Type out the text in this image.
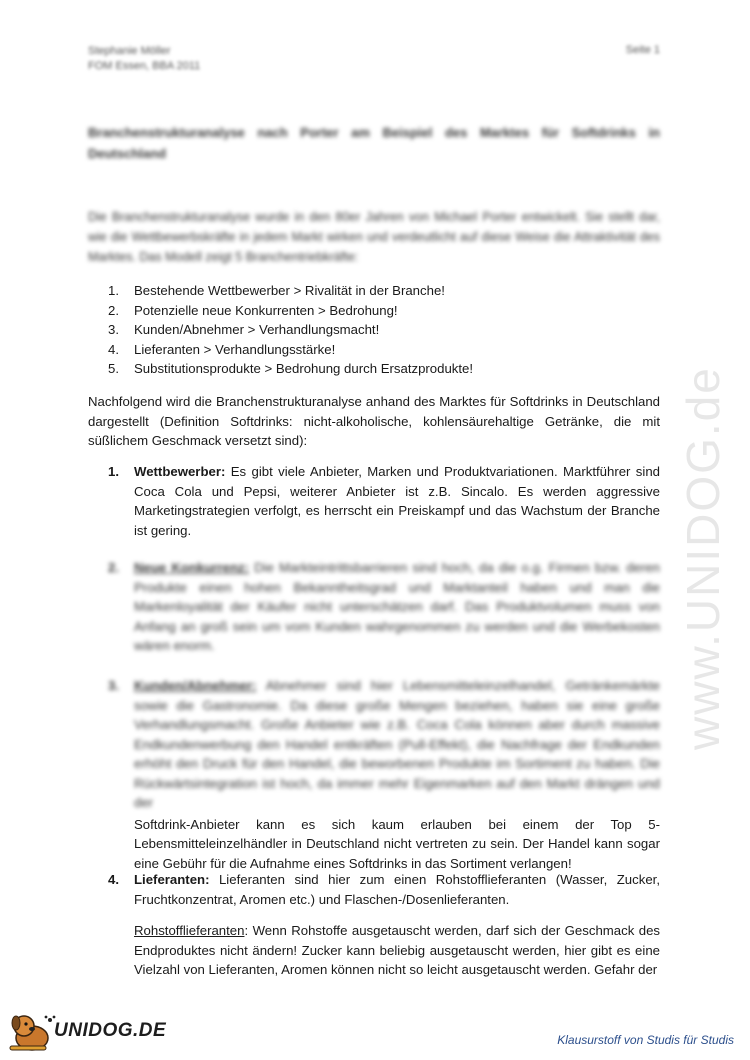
Stephanie Möller
FOM Essen, BBA 2011
Seite 1
Branchenstrukturanalyse nach Porter am Beispiel des Marktes für Softdrinks in Deutschland
Die Branchenstrukturanalyse wurde in den 80er Jahren von Michael Porter entwickelt. Sie stellt dar, wie die Wettbewerbskräfte in jedem Markt wirken und verdeutlicht auf diese Weise die Attraktivität des Marktes. Das Modell zeigt 5 Branchentriebkräfte:
1.	Bestehende Wettbewerber > Rivalität in der Branche!
2.	Potenzielle neue Konkurrenten > Bedrohung!
3.	Kunden/Abnehmer > Verhandlungsmacht!
4.	Lieferanten > Verhandlungsstärke!
5.	Substitutionsprodukte > Bedrohung durch Ersatzprodukte!
Nachfolgend wird die Branchenstrukturanalyse anhand des Marktes für Softdrinks in Deutschland dargestellt (Definition Softdrinks: nicht-alkoholische, kohlensäurehaltige Getränke, die mit süßlichem Geschmack versetzt sind):
1. Wettbewerber: Es gibt viele Anbieter, Marken und Produktvariationen. Marktführer sind Coca Cola und Pepsi, weiterer Anbieter ist z.B. Sincalo. Es werden aggressive Marketingstrategien verfolgt, es herrscht ein Preiskampf und das Wachstum der Branche ist gering.
2. Neue Konkurrenz: Die Markteintrittsbarrieren sind hoch, da die o.g. Firmen bzw. deren Produkte einen hohen Bekanntheitsgrad und Marktanteil haben und man die Markenloyalität der Käufer nicht unterschätzen darf. Das Produktvolumen muss von Anfang an groß sein um vom Kunden wahrgenommen zu werden und die Werbekosten wären enorm.
3. Kunden/Abnehmer: Abnehmer sind hier Lebensmitteleinzelhandel, Getränkemärkte sowie die Gastronomie. Da diese große Mengen beziehen, haben sie eine große Verhandlungsmacht. Große Anbieter wie z.B. Coca Cola können aber durch massive Endkundenwerbung den Handel entkräften (Pull-Effekt), die Nachfrage der Endkunden erhöht den Druck für den Handel, die beworbenen Produkte im Sortiment zu haben. Die Rückwärtsintegration ist hoch, da immer mehr Eigenmarken auf den Markt drängen und der
Softdrink-Anbieter kann es sich kaum erlauben bei einem der Top 5-Lebensmitteleinzelhändler in Deutschland nicht vertreten zu sein. Der Handel kann sogar eine Gebühr für die Aufnahme eines Softdrinks in das Sortiment verlangen!
4. Lieferanten: Lieferanten sind hier zum einen Rohstofflieferanten (Wasser, Zucker, Fruchtkonzentrat, Aromen etc.) und Flaschen-/Dosenlieferanten.
Rohstofflieferanten: Wenn Rohstoffe ausgetauscht werden, darf sich der Geschmack des Endproduktes nicht ändern! Zucker kann beliebig ausgetauscht werden, hier gibt es eine Vielzahl von Lieferanten, Aromen können nicht so leicht ausgetauscht werden. Gefahr der
www.UNIDOG.de
UNIDOG.DE	Klausurstoff von Studis für Studis
